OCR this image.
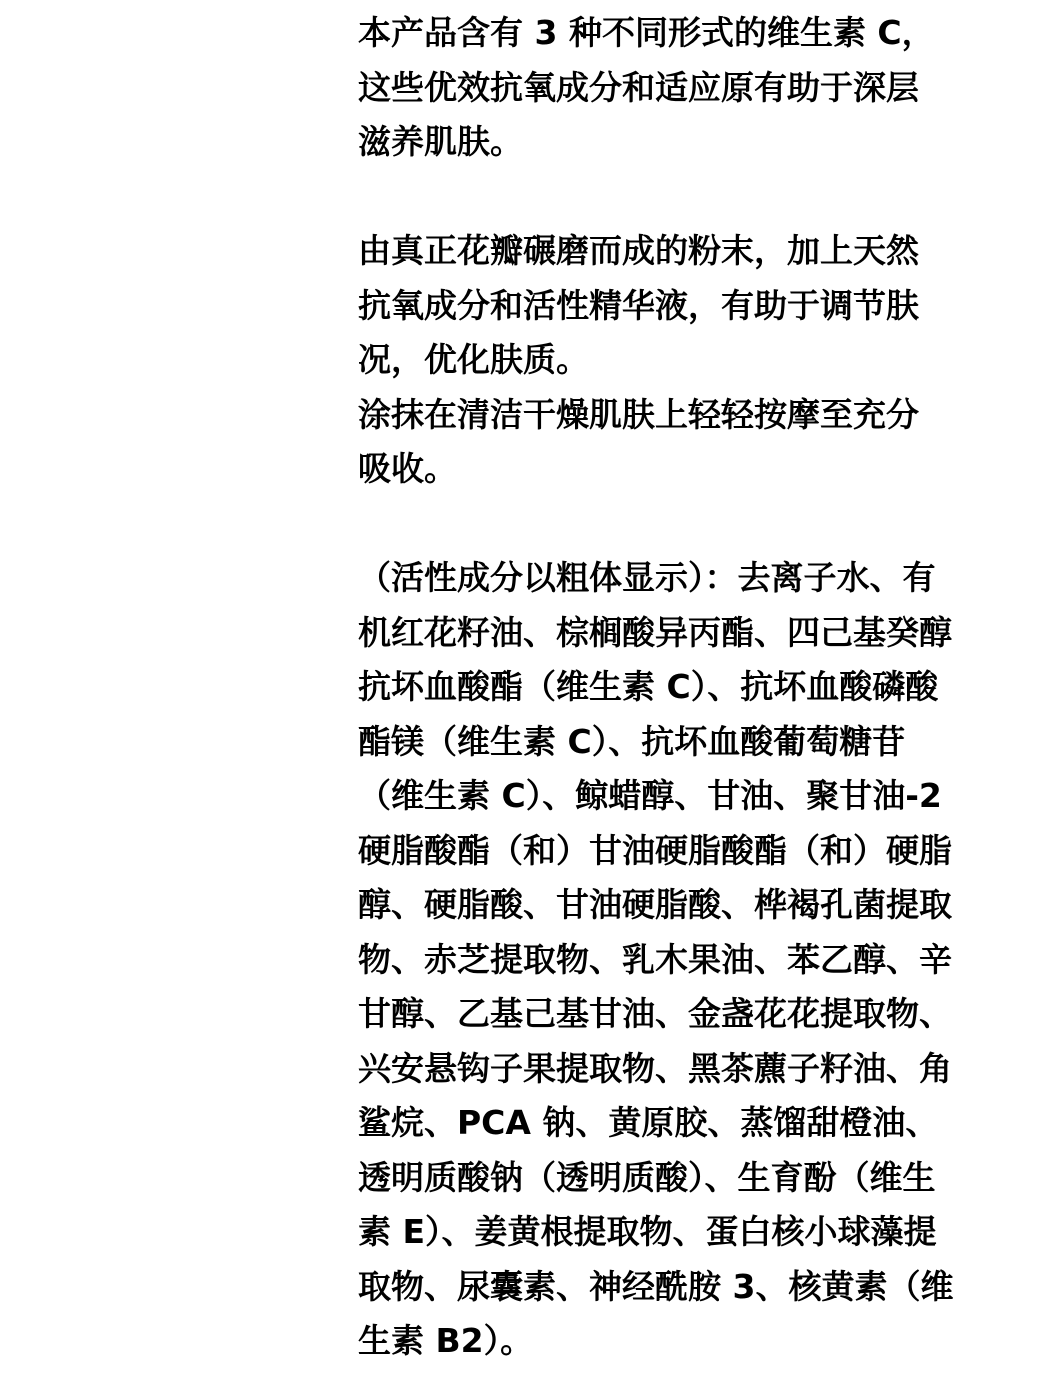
本产品含有 3 种不同形式的维生素 C，
这些优效抗氧成分和适应原有助于深层
滋养肌肤。
由真正花瓣碾磨而成的粉末，加上天然
抗氧成分和活性精华液，有助于调节肤
况，优化肤质。
涂抹在清洁干燥肌肤上轻轻按摩至充分
吸收。
（活性成分以粗体显示）：去离子水、有
机红花籽油、棕榈酸异丙酯、四己基癸醇
抗坏血酸酯（维生素 C）、抗坏血酸磷酸
酯镁（维生素 C）、抗坏血酸葡萄糖苷
（维生素 C）、鲸蜡醇、甘油、聚甘油-2
硬脂酸酯（和）甘油硬脂酸酯（和）硬脂
醇、硬脂酸、甘油硬脂酸、桦褐孔菌提取
物、赤芝提取物、乳木果油、苯乙醇、辛
甘醇、乙基己基甘油、金盏花花提取物、
兴安悬钩子果提取物、黑茶藨子籽油、角
鲨烷、PCA 钠、黄原胶、蒸馏甜橙油、
透明质酸钠（透明质酸）、生育酚（维生
素 E）、姜黄根提取物、蛋白核小球藻提
取物、尿囊素、神经酰胺 3、核黄素（维
生素 B2）。
